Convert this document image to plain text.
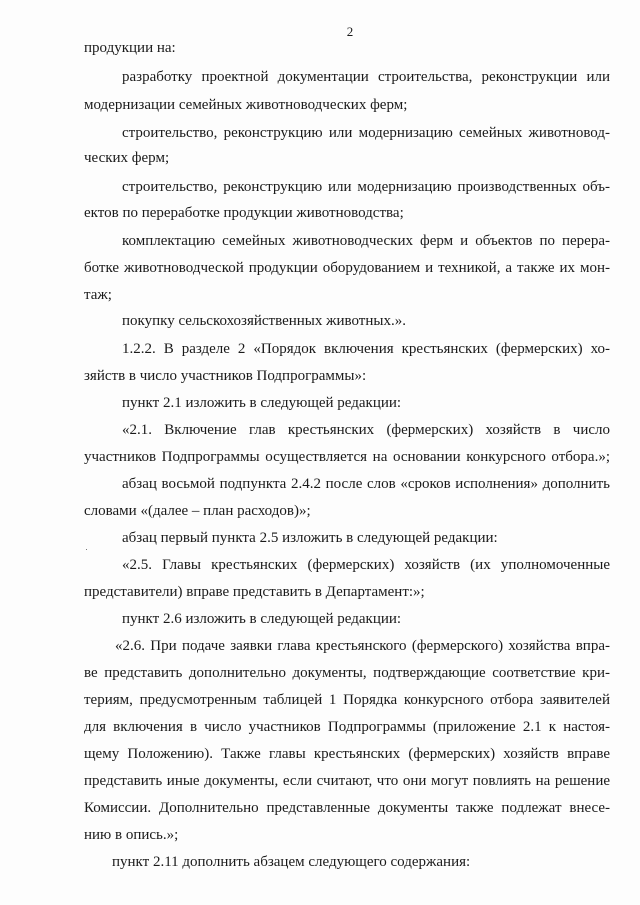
2
продукции на:
разработку проектной документации строительства, реконструкции или
модернизации семейных животноводческих ферм;
строительство, реконструкцию или модернизацию семейных животновод-
ческих ферм;
строительство, реконструкцию или модернизацию производственных объ-
ектов по переработке продукции животноводства;
комплектацию семейных животноводческих ферм и объектов по перера-
ботке животноводческой продукции оборудованием и техникой, а также их мон-
таж;
покупку сельскохозяйственных животных.».
1.2.2. В разделе 2 «Порядок включения крестьянских (фермерских) хо-
зяйств в число участников Подпрограммы»:
пункт 2.1 изложить в следующей редакции:
«2.1. Включение глав крестьянских (фермерских) хозяйств в число
участников Подпрограммы осуществляется на основании конкурсного отбора.»;
абзац восьмой подпункта 2.4.2 после слов «сроков исполнения» дополнить
словами «(далее – план расходов)»;
абзац первый пункта 2.5 изложить в следующей редакции:
«2.5. Главы крестьянских (фермерских) хозяйств (их уполномоченные
представители) вправе представить в Департамент:»;
пункт 2.6 изложить в следующей редакции:
«2.6. При подаче заявки глава крестьянского (фермерского) хозяйства впра-
ве представить дополнительно документы, подтверждающие соответствие кри-
териям, предусмотренным таблицей 1 Порядка конкурсного отбора заявителей
для включения в число участников Подпрограммы (приложение 2.1 к настоя-
щему Положению). Также главы крестьянских (фермерских) хозяйств вправе
представить иные документы, если считают, что они могут повлиять на решение
Комиссии. Дополнительно представленные документы также подлежат внесе-
нию в опись.»;
пункт 2.11 дополнить абзацем следующего содержания:
